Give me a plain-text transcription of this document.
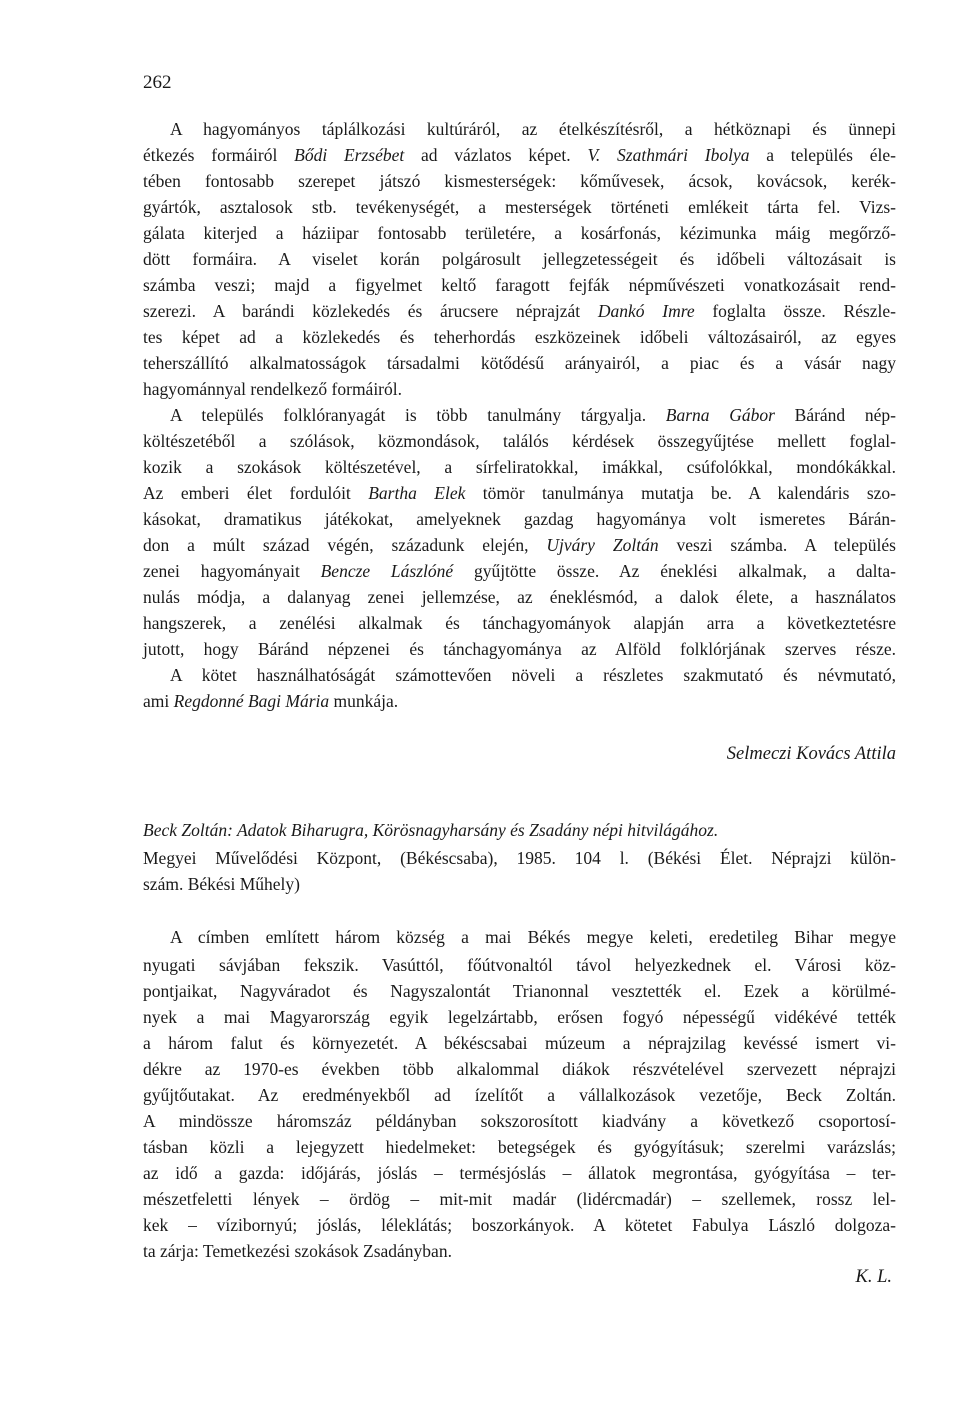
262
A hagyományos táplálkozási kultúráról, az ételkészítésről, a hétköznapi és ünnepi
étkezés formáiról Bődi Erzsébet ad vázlatos képet. V. Szathmári Ibolya a település éle-
tében fontosabb szerepet játszó kismesterségek: kőművesek, ácsok, kovácsok, kerék-
gyártók, asztalosok stb. tevékenységét, a mesterségek történeti emlékeit tárta fel. Vizs-
gálata kiterjed a háziipar fontosabb területére, a kosárfonás, kézimunka máig megőrző-
dött formáira. A viselet korán polgárosult jellegzetességeit és időbeli változásait is
számba veszi; majd a figyelmet keltő faragott fejfák népművészeti vonatkozásait rend-
szerezi. A barándi közlekedés és árucsere néprajzát Dankó Imre foglalta össze. Részle-
tes képet ad a közlekedés és teherhordás eszközeinek időbeli változásairól, az egyes
teherszállító alkalmatosságok társadalmi kötődésű arányairól, a piac és a vásár nagy
hagyománnyal rendelkező formáiról.
A település folklóranyagát is több tanulmány tárgyalja. Barna Gábor Báránd nép-
költészetéből a szólások, közmondások, találós kérdések összegyűjtése mellett foglal-
kozik a szokások költészetével, a sírfeliratokkal, imákkal, csúfolókkal, mondókákkal.
Az emberi élet fordulóit Bartha Elek tömör tanulmánya mutatja be. A kalendáris szo-
kásokat, dramatikus játékokat, amelyeknek gazdag hagyománya volt ismeretes Bárán-
don a múlt század végén, századunk elején, Ujváry Zoltán veszi számba. A település
zenei hagyományait Bencze Lászlóné gyűjtötte össze. Az éneklési alkalmak, a dalta-
nulás módja, a dalanyag zenei jellemzése, az éneklésmód, a dalok élete, a használatos
hangszerek, a zenélési alkalmak és tánchagyományok alapján arra a következtetésre
jutott, hogy Báránd népzenei és tánchagyománya az Alföld folklórjának szerves része.
A kötet használhatóságát számottevően növeli a részletes szakmutató és névmutató,
ami Regdonné Bagi Mária munkája.
Selmeczi Kovács Attila
Beck Zoltán: Adatok Biharugra, Körösnagyharsány és Zsadány népi hitvilágához.
Megyei Művelődési Központ, (Békéscsaba), 1985. 104 l. (Békési Élet. Néprajzi külön-
szám. Békési Műhely)
A címben említett három község a mai Békés megye keleti, eredetileg Bihar megye
nyugati sávjában fekszik. Vasúttól, főútvonaltól távol helyezkednek el. Városi köz-
pontjaikat, Nagyváradot és Nagyszalontát Trianonnal vesztették el. Ezek a körülmé-
nyek a mai Magyarország egyik legelzártabb, erősen fogyó népességű vidékévé tették
a három falut és környezetét. A békéscsabai múzeum a néprajzilag kevéssé ismert vi-
dékre az 1970-es években több alkalommal diákok részvételével szervezett néprajzi
gyűjtőutakat. Az eredményekből ad ízelítőt a vállalkozások vezetője, Beck Zoltán.
A mindössze háromszáz példányban sokszorosított kiadvány a következő csoportosí-
tásban közli a lejegyzett hiedelmeket: betegségek és gyógyításuk; szerelmi varázslás;
az idő a gazda: időjárás, jóslás – termésjóslás – állatok megrontása, gyógyítása – ter-
mészetfeletti lények – ördög – mit-mit madár (lidércmadár) – szellemek, rossz lel-
kek – vízibornyú; jóslás, léleklátás; boszorkányok. A kötetet Fabulya László dolgoza-
ta zárja: Temetkezési szokások Zsadányban.
K. L.
